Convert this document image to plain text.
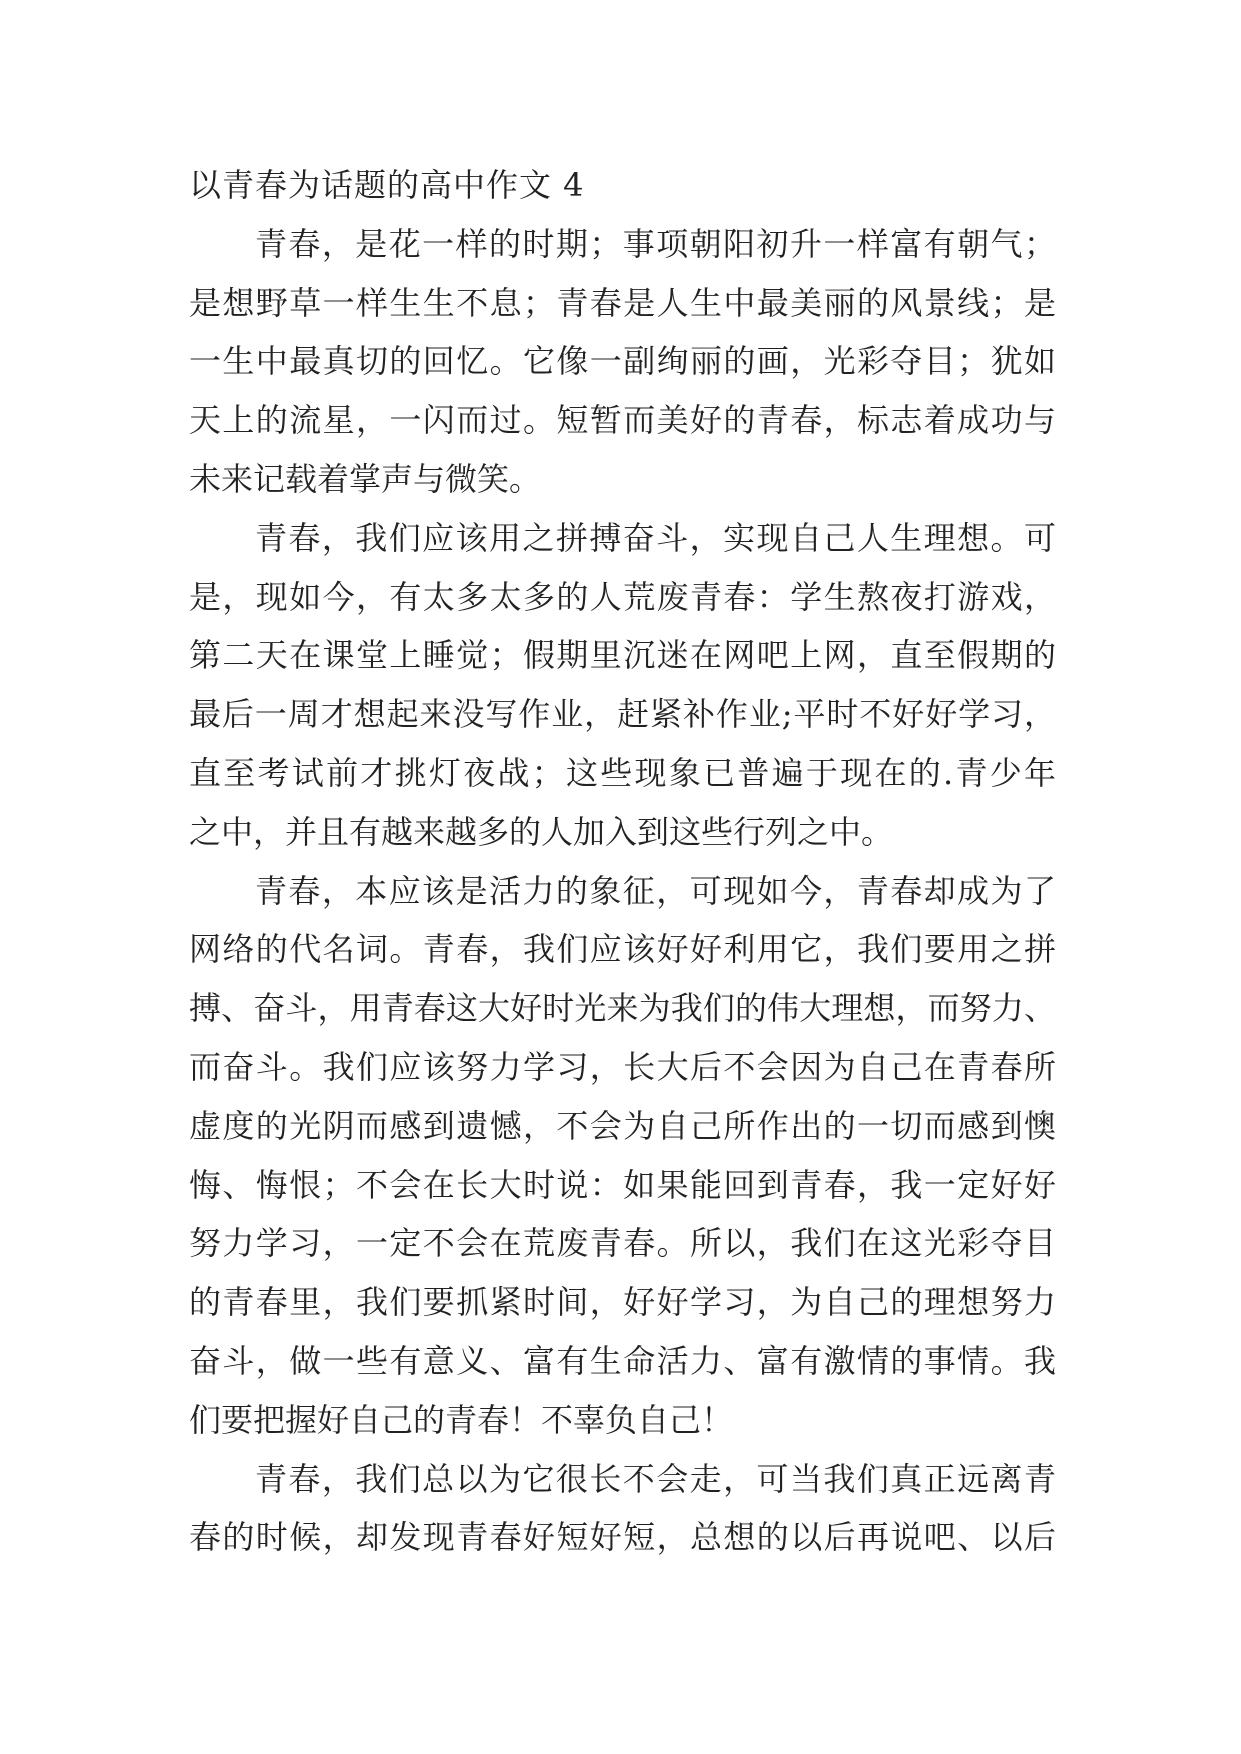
以青春为话题的高中作文 4
青春，是花一样的时期；事项朝阳初升一样富有朝气；
是想野草一样生生不息；青春是人生中最美丽的风景线；是
一生中最真切的回忆。它像一副绚丽的画，光彩夺目；犹如
天上的流星，一闪而过。短暂而美好的青春，标志着成功与
未来记载着掌声与微笑。
青春，我们应该用之拼搏奋斗，实现自己人生理想。可
是，现如今，有太多太多的人荒废青春：学生熬夜打游戏，
第二天在课堂上睡觉；假期里沉迷在网吧上网，直至假期的
最后一周才想起来没写作业，赶紧补作业;平时不好好学习，
直至考试前才挑灯夜战；这些现象已普遍于现在的.青少年
之中，并且有越来越多的人加入到这些行列之中。
青春，本应该是活力的象征，可现如今，青春却成为了
网络的代名词。青春，我们应该好好利用它，我们要用之拼
搏、奋斗，用青春这大好时光来为我们的伟大理想，而努力、
而奋斗。我们应该努力学习，长大后不会因为自己在青春所
虚度的光阴而感到遗憾，不会为自己所作出的一切而感到懊
悔、悔恨；不会在长大时说：如果能回到青春，我一定好好
努力学习，一定不会在荒废青春。所以，我们在这光彩夺目
的青春里，我们要抓紧时间，好好学习，为自己的理想努力
奋斗，做一些有意义、富有生命活力、富有激情的事情。我
们要把握好自己的青春！不辜负自己！
青春，我们总以为它很长不会走，可当我们真正远离青
春的时候，却发现青春好短好短，总想的以后再说吧、以后
